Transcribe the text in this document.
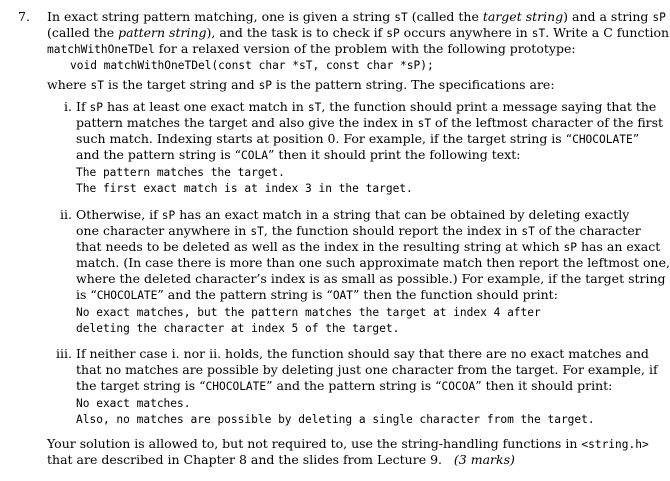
7. In exact string pattern matching, one is given a string sT (called the target string) and a string sP
(called the pattern string), and the task is to check if sP occurs anywhere in sT. Write a C function
matchWithOneTDel for a relaxed version of the problem with the following prototype:
void matchWithOneTDel(const char *sT, const char *sP);
where sT is the target string and sP is the pattern string. The specifications are:
i. If sP has at least one exact match in sT, the function should print a message saying that the
pattern matches the target and also give the index in sT of the leftmost character of the first
such match. Indexing starts at position 0. For example, if the target string is “CHOCOLATE”
and the pattern string is “COLA” then it should print the following text:
The pattern matches the target.
The first exact match is at index 3 in the target.
ii. Otherwise, if sP has an exact match in a string that can be obtained by deleting exactly
one character anywhere in sT, the function should report the index in sT of the character
that needs to be deleted as well as the index in the resulting string at which sP has an exact
match. (In case there is more than one such approximate match then report the leftmost one,
where the deleted character’s index is as small as possible.) For example, if the target string
is “CHOCOLATE” and the pattern string is “OAT” then the function should print:
No exact matches, but the pattern matches the target at index 4 after
deleting the character at index 5 of the target.
iii. If neither case i. nor ii. holds, the function should say that there are no exact matches and
that no matches are possible by deleting just one character from the target. For example, if
the target string is “CHOCOLATE” and the pattern string is “COCOA” then it should print:
No exact matches.
Also, no matches are possible by deleting a single character from the target.
Your solution is allowed to, but not required to, use the string-handling functions in <string.h>
that are described in Chapter 8 and the slides from Lecture 9.   (3 marks)
